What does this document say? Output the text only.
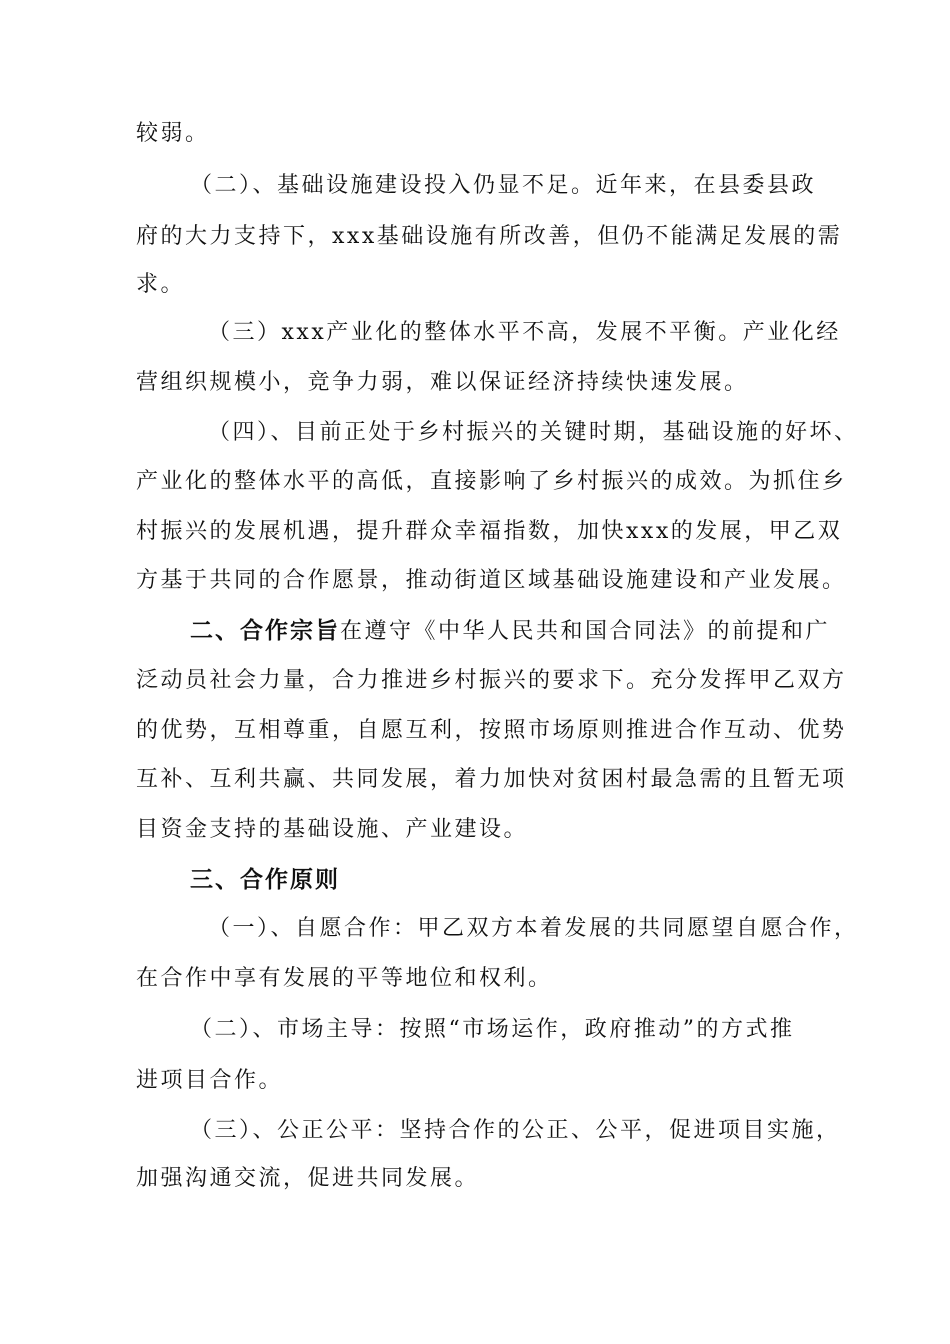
较弱。
（二）、基础设施建设投入仍显不足。近年来，在县委县政
府的大力支持下，xxx基础设施有所改善，但仍不能满足发展的需
求。
（三）xxx产业化的整体水平不高，发展不平衡。产业化经
营组织规模小，竞争力弱，难以保证经济持续快速发展。
（四）、目前正处于乡村振兴的关键时期，基础设施的好坏、
产业化的整体水平的高低，直接影响了乡村振兴的成效。为抓住乡
村振兴的发展机遇，提升群众幸福指数，加快xxx的发展，甲乙双
方基于共同的合作愿景，推动街道区域基础设施建设和产业发展。
二、合作宗旨在遵守《中华人民共和国合同法》的前提和广
泛动员社会力量，合力推进乡村振兴的要求下。充分发挥甲乙双方
的优势，互相尊重，自愿互利，按照市场原则推进合作互动、优势
互补、互利共赢、共同发展，着力加快对贫困村最急需的且暂无项
目资金支持的基础设施、产业建设。
三、合作原则
（一）、自愿合作：甲乙双方本着发展的共同愿望自愿合作，
在合作中享有发展的平等地位和权利。
（二）、市场主导：按照“市场运作，政府推动”的方式推
进项目合作。
（三）、公正公平：坚持合作的公正、公平，促进项目实施，
加强沟通交流，促进共同发展。
